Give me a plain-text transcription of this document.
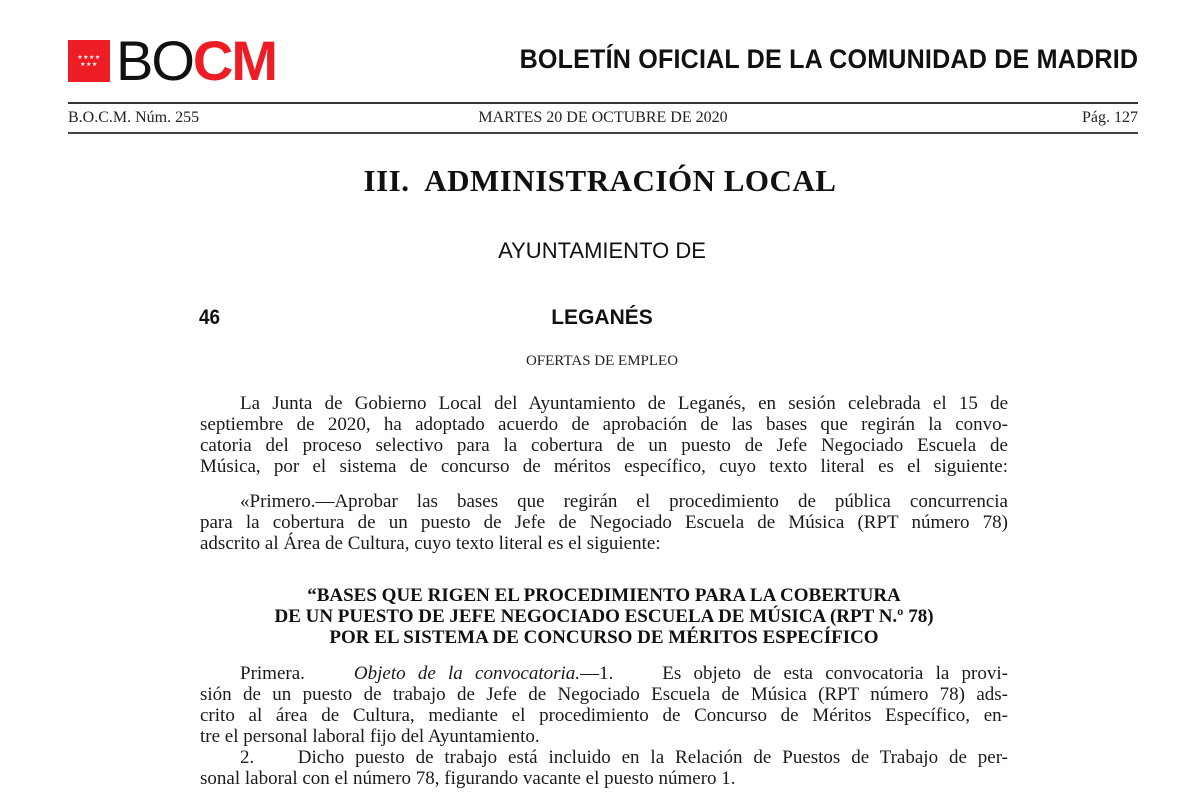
★★★★
★★★ BOCM	BOLETÍN OFICIAL DE LA COMUNIDAD DE MADRID
MARTES 20 DE OCTUBRE DE 2020
B.O.C.M. Núm. 255	Pág. 127
III.  ADMINISTRACIÓN LOCAL
AYUNTAMIENTO DE
46	LEGANÉS
OFERTAS DE EMPLEO
La Junta de Gobierno Local del Ayuntamiento de Leganés, en sesión celebrada el 15 de
septiembre de 2020, ha adoptado acuerdo de aprobación de las bases que regirán la convo-
catoria del proceso selectivo para la cobertura de un puesto de Jefe Negociado Escuela de
Música, por el sistema de concurso de méritos específico, cuyo texto literal es el siguiente:
«Primero.—Aprobar las bases que regirán el procedimiento de pública concurrencia
para la cobertura de un puesto de Jefe de Negociado Escuela de Música (RPT número 78)
adscrito al Área de Cultura, cuyo texto literal es el siguiente:
“BASES QUE RIGEN EL PROCEDIMIENTO PARA LA COBERTURA
DE UN PUESTO DE JEFE NEGOCIADO ESCUELA DE MÚSICA (RPT N.º 78)
POR EL SISTEMA DE CONCURSO DE MÉRITOS ESPECÍFICO
Primera.	Objeto de la convocatoria.—1.    Es objeto de esta convocatoria la provi-
sión de un puesto de trabajo de Jefe de Negociado Escuela de Música (RPT número 78) ads-
crito al área de Cultura, mediante el procedimiento de Concurso de Méritos Específico, en-
tre el personal laboral fijo del Ayuntamiento.
2.    Dicho puesto de trabajo está incluido en la Relación de Puestos de Trabajo de per-
sonal laboral con el número 78, figurando vacante el puesto número 1.
